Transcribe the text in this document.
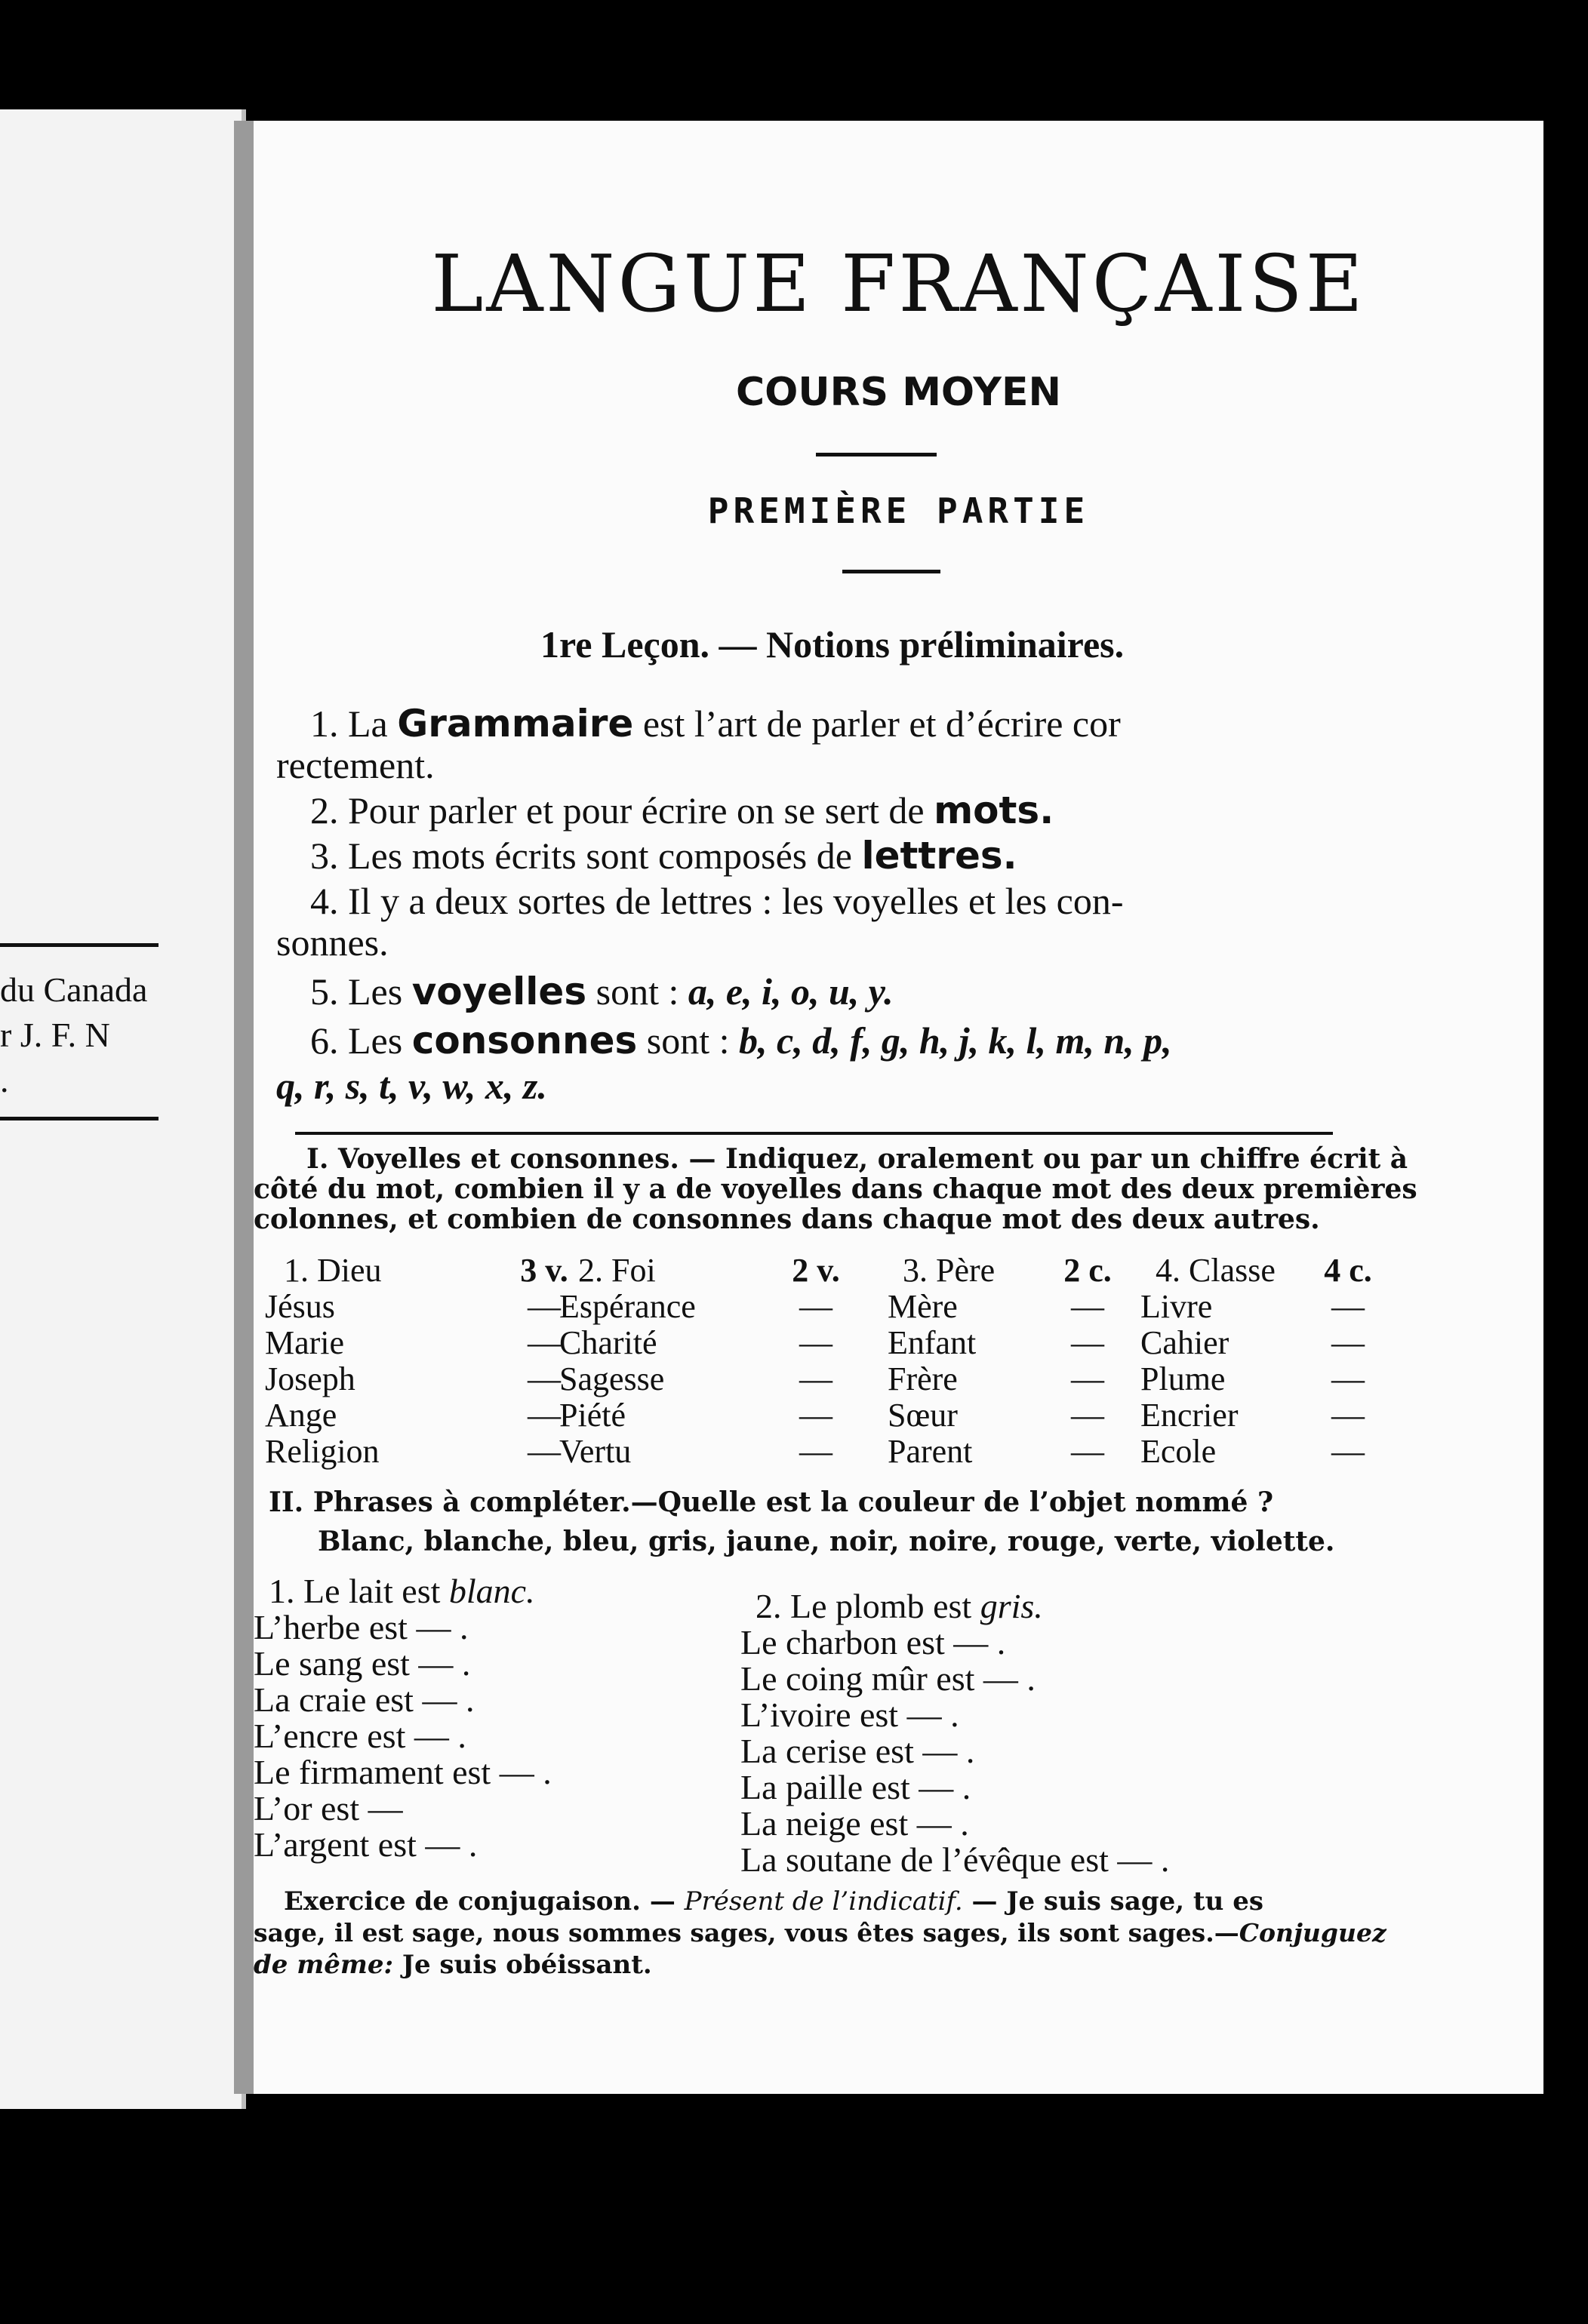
du Canada
r J. F. N
.
LANGUE FRANÇAISE
COURS MOYEN
PREMIÈRE PARTIE
1re Leçon. — Notions préliminaires.
1. La Grammaire est l’art de parler et d’écrire cor
rectement.
2. Pour parler et pour écrire on se sert de mots.
3. Les mots écrits sont composés de lettres.
4. Il y a deux sortes de lettres : les voyelles et les con-
sonnes.
5. Les voyelles sont : a, e, i, o, u, y.
6. Les consonnes sont : b, c, d, f, g, h, j, k, l, m, n, p,
q, r, s, t, v, w, x, z.
I. Voyelles et consonnes. — Indiquez, oralement ou par un chiffre écrit à
côté du mot, combien il y a de voyelles dans chaque mot des deux premières
colonnes, et combien de consonnes dans chaque mot des deux autres.
1. Dieu
Jésus
Marie
Joseph
Ange
Religion
3 v.
—
—
—
—
—
2. Foi
Espérance
Charité
Sagesse
Piété
Vertu
2 v.
—
—
—
—
—
3. Père
Mère
Enfant
Frère
Sœur
Parent
2 c.
—
—
—
—
—
4. Classe
Livre
Cahier
Plume
Encrier
Ecole
4 c.
—
—
—
—
—
II. Phrases à compléter.—Quelle est la couleur de l’objet nommé ?
Blanc, blanche, bleu, gris, jaune, noir, noire, rouge, verte, violette.
1. Le lait est blanc.
L’herbe est — .
Le sang est — .
La craie est — .
L’encre est — .
Le firmament est — .
L’or est —
L’argent est — .
2. Le plomb est gris.
Le charbon est — .
Le coing mûr est — .
L’ivoire est — .
La cerise est — .
La paille est — .
La neige est — .
La soutane de l’évêque est — .
Exercice de conjugaison. — Présent de l’indicatif. — Je suis sage, tu es
sage, il est sage, nous sommes sages, vous êtes sages, ils sont sages.—Conjuguez
de même: Je suis obéissant.
